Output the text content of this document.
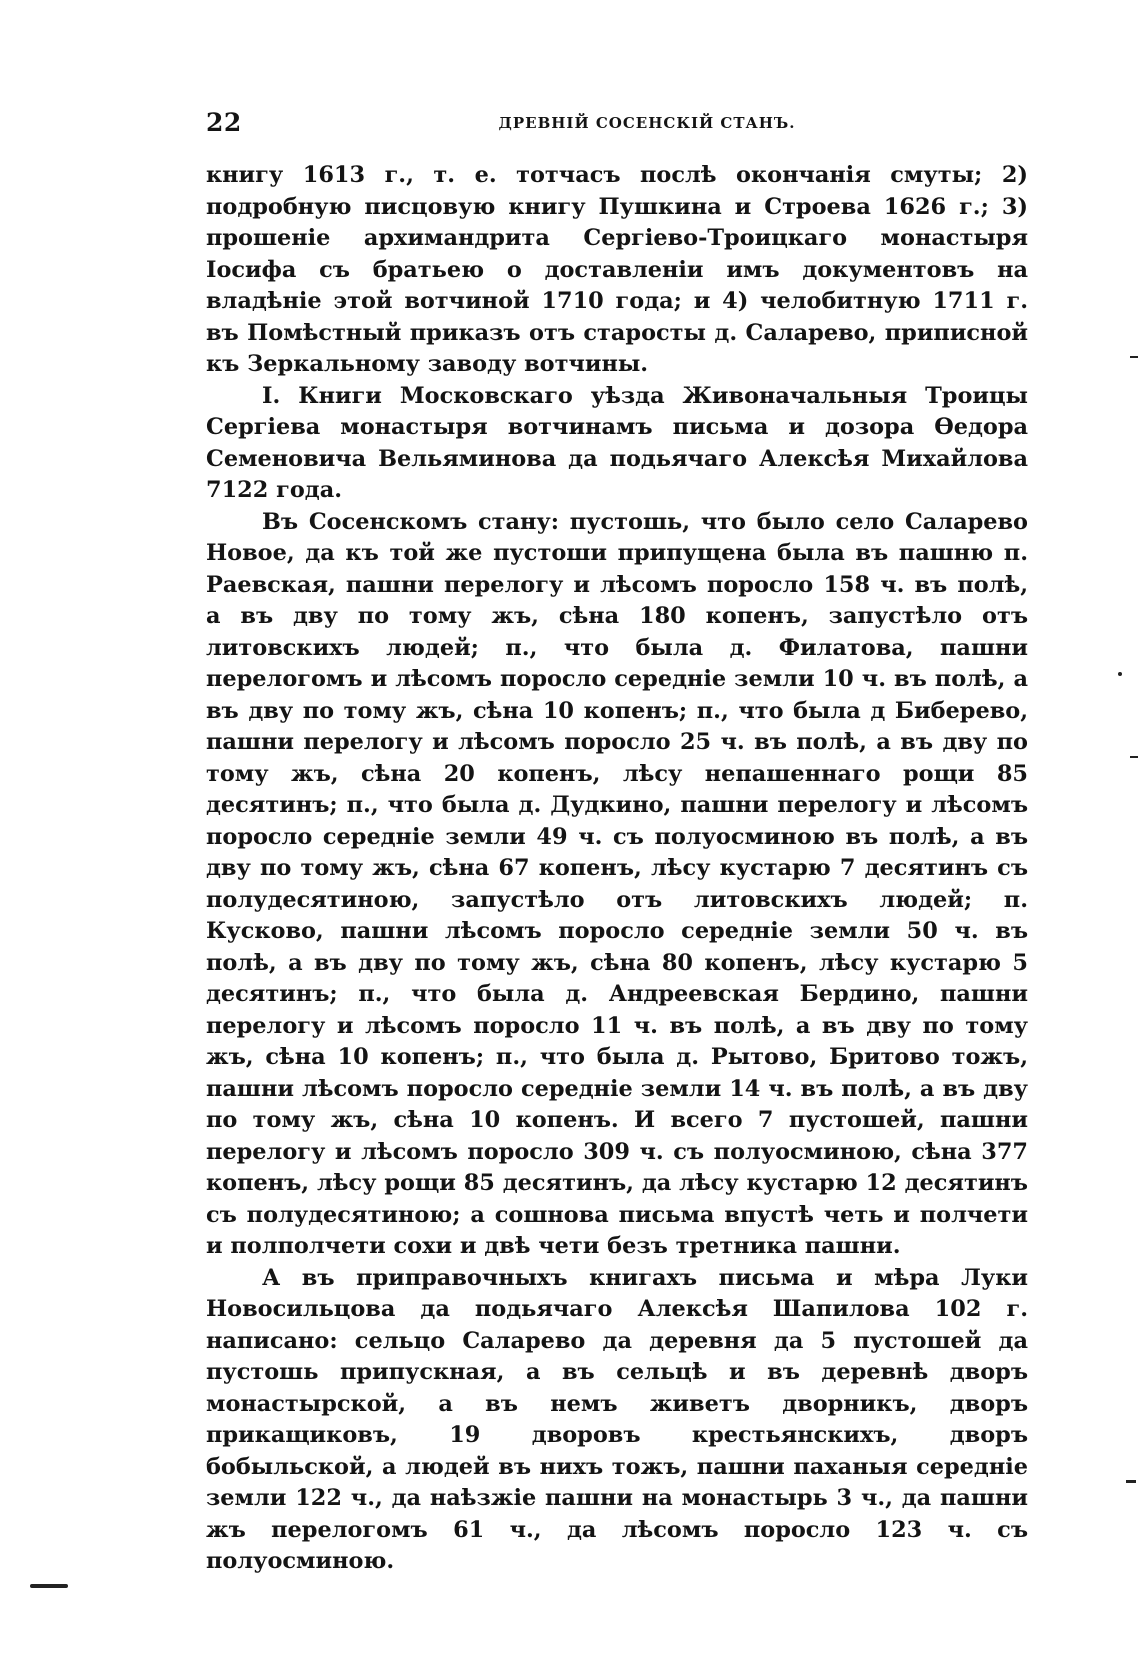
22	ДРЕВНІЙ СОСЕНСКІЙ СТАНЪ.

книгу 1613 г., т. е. тотчасъ послѣ окончанія смуты; 2) подробную писцовую книгу Пушкина и Строева 1626 г.; 3) прошеніе архимандрита Сергіево-Троицкаго монастыря Іосифа съ братьею о доставленіи имъ документовъ на владѣніе этой вотчиной 1710 года; и 4) челобитную 1711 г. въ Помѣстный приказъ отъ старосты д. Саларево, приписной къ Зеркальному заводу вотчины.

I. Книги Московскаго уѣзда Живоначальныя Троицы Сергіева монастыря вотчинамъ письма и дозора Өедора Семеновича Вельяминова да подьячаго Алексѣя Михайлова 7122 года.

Въ Сосенскомъ стану: пустошь, что было село Саларево Новое, да къ той же пустоши припущена была въ пашню п. Раевская, пашни перелогу и лѣсомъ поросло 158 ч. въ полѣ, а въ дву по тому жъ, сѣна 180 копенъ, запустѣло отъ литовскихъ людей; п., что была д. Филатова, пашни перелогомъ и лѣсомъ поросло середніе земли 10 ч. въ полѣ, а въ дву по тому жъ, сѣна 10 копенъ; п., что была д Биберево, пашни перелогу и лѣсомъ поросло 25 ч. въ полѣ, а въ дву по тому жъ, сѣна 20 копенъ, лѣсу непашеннаго рощи 85 десятинъ; п., что была д. Дудкино, пашни перелогу и лѣсомъ поросло середніе земли 49 ч. съ полуосминою въ полѣ, а въ дву по тому жъ, сѣна 67 копенъ, лѣсу кустарю 7 десятинъ съ полудесятиною, запустѣло отъ литовскихъ людей; п. Кусково, пашни лѣсомъ поросло середніе земли 50 ч. въ полѣ, а въ дву по тому жъ, сѣна 80 копенъ, лѣсу кустарю 5 десятинъ; п., что была д. Андреевская Бердино, пашни перелогу и лѣсомъ поросло 11 ч. въ полѣ, а въ дву по тому жъ, сѣна 10 копенъ; п., что была д. Рытово, Бритово тожъ, пашни лѣсомъ поросло середніе земли 14 ч. въ полѣ, а въ дву по тому жъ, сѣна 10 копенъ. И всего 7 пустошей, пашни перелогу и лѣсомъ поросло 309 ч. съ полуосминою, сѣна 377 копенъ, лѣсу рощи 85 десятинъ, да лѣсу кустарю 12 десятинъ съ полудесятиною; а сошнова письма впустѣ четь и полчети и полполчети сохи и двѣ чети безъ третника пашни.

А въ приправочныхъ книгахъ письма и мѣра Луки Новосильцова да подьячаго Алексѣя Шапилова 102 г. написано: сельцо Саларево да деревня да 5 пустошей да пустошь припускная, а въ сельцѣ и въ деревнѣ дворъ монастырской, а въ немъ живетъ дворникъ, дворъ прикащиковъ, 19 дворовъ крестьянскихъ, дворъ бобыльской, а людей въ нихъ тожъ, пашни паханыя середніе земли 122 ч., да наѣзжіе пашни на монастырь 3 ч., да пашни жъ перелогомъ 61 ч., да лѣсомъ поросло 123 ч. съ полуосминою.
